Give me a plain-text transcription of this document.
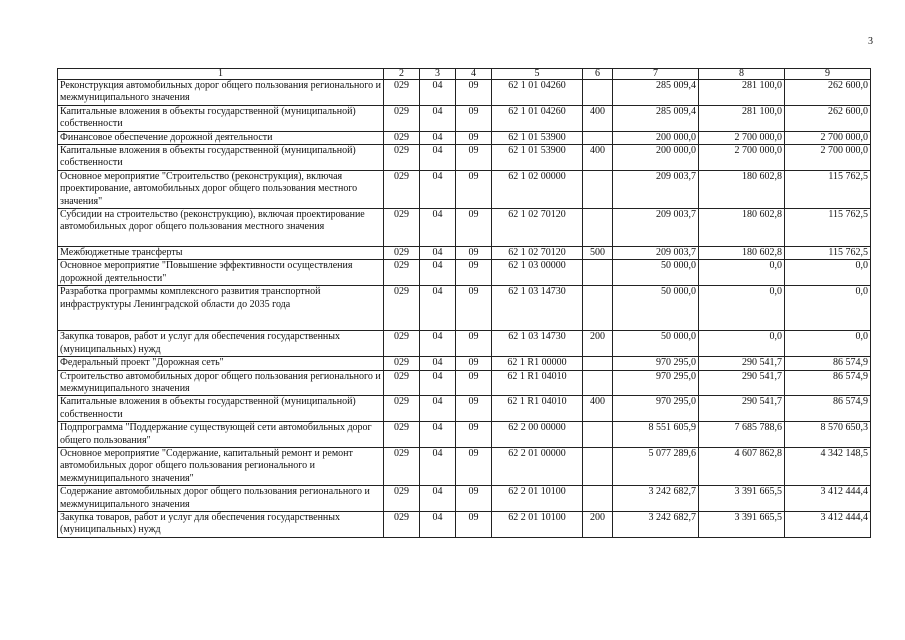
3
1	2	3	4	5	6	7	8	9
Реконструкция автомобильных дорог общего пользования регионального и межмуниципального значения	029	04	09	62 1 01 04260		285 009,4	281 100,0	262 600,0
Капитальные вложения в объекты государственной (муниципальной) собственности	029	04	09	62 1 01 04260	400	285 009,4	281 100,0	262 600,0
Финансовое обеспечение дорожной деятельности	029	04	09	62 1 01 53900		200 000,0	2 700 000,0	2 700 000,0
Капитальные вложения в объекты государственной (муниципальной) собственности	029	04	09	62 1 01 53900	400	200 000,0	2 700 000,0	2 700 000,0
Основное мероприятие "Строительство (реконструкция), включая проектирование, автомобильных дорог общего пользования местного значения"	029	04	09	62 1 02 00000		209 003,7	180 602,8	115 762,5
Субсидии на строительство (реконструкцию), включая проектирование автомобильных дорог общего пользования местного значения	029	04	09	62 1 02 70120		209 003,7	180 602,8	115 762,5
Межбюджетные трансферты	029	04	09	62 1 02 70120	500	209 003,7	180 602,8	115 762,5
Основное мероприятие "Повышение эффективности осуществления дорожной деятельности"	029	04	09	62 1 03 00000		50 000,0	0,0	0,0
Разработка программы комплексного развития транспортной инфраструктуры Ленинградской области до 2035 года	029	04	09	62 1 03 14730		50 000,0	0,0	0,0
Закупка товаров, работ и услуг для обеспечения государственных (муниципальных) нужд	029	04	09	62 1 03 14730	200	50 000,0	0,0	0,0
Федеральный проект "Дорожная сеть"	029	04	09	62 1 R1 00000		970 295,0	290 541,7	86 574,9
Строительство автомобильных дорог общего пользования регионального и межмуниципального значения	029	04	09	62 1 R1 04010		970 295,0	290 541,7	86 574,9
Капитальные вложения в объекты государственной (муниципальной) собственности	029	04	09	62 1 R1 04010	400	970 295,0	290 541,7	86 574,9
Подпрограмма "Поддержание существующей сети автомобильных дорог общего пользования"	029	04	09	62 2 00 00000		8 551 605,9	7 685 788,6	8 570 650,3
Основное мероприятие "Содержание, капитальный ремонт и ремонт автомобильных дорог общего пользования регионального и межмуниципального значения"	029	04	09	62 2 01 00000		5 077 289,6	4 607 862,8	4 342 148,5
Содержание автомобильных дорог общего пользования регионального и межмуниципального значения	029	04	09	62 2 01 10100		3 242 682,7	3 391 665,5	3 412 444,4
Закупка товаров, работ и услуг для обеспечения государственных (муниципальных) нужд	029	04	09	62 2 01 10100	200	3 242 682,7	3 391 665,5	3 412 444,4
